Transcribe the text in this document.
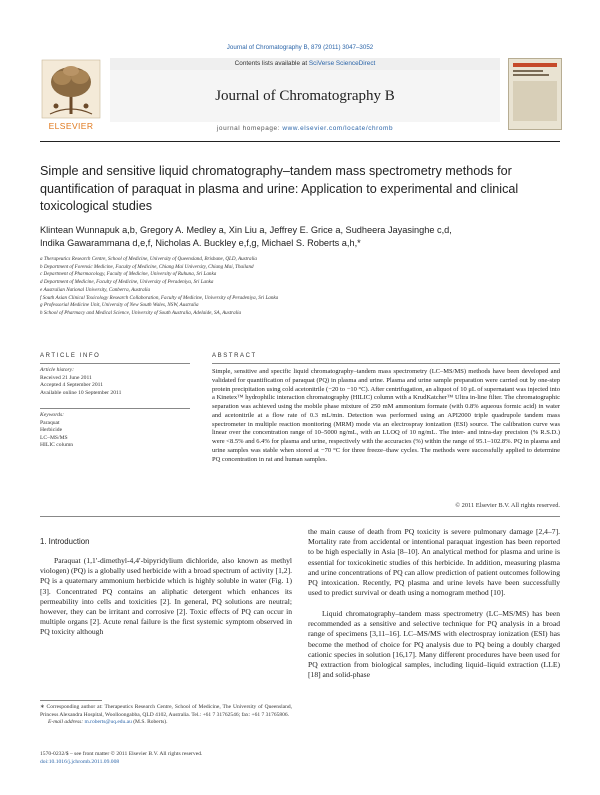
Journal of Chromatography B, 879 (2011) 3047–3052
ELSEVIER
Contents lists available at SciVerse ScienceDirect
Journal of Chromatography B
journal homepage: www.elsevier.com/locate/chromb
Simple and sensitive liquid chromatography–tandem mass spectrometry methods for quantification of paraquat in plasma and urine: Application to experimental and clinical toxicological studies
Klintean Wunnapuk a,b, Gregory A. Medley a, Xin Liu a, Jeffrey E. Grice a, Sudheera Jayasinghe c,d,
Indika Gawarammana d,e,f, Nicholas A. Buckley e,f,g, Michael S. Roberts a,h,*
a Therapeutics Research Centre, School of Medicine, University of Queensland, Brisbane, QLD, Australia
b Department of Forensic Medicine, Faculty of Medicine, Chiang Mai University, Chiang Mai, Thailand
c Department of Pharmacology, Faculty of Medicine, University of Ruhuna, Sri Lanka
d Department of Medicine, Faculty of Medicine, University of Peradeniya, Sri Lanka
e Australian National University, Canberra, Australia
f South Asian Clinical Toxicology Research Collaboration, Faculty of Medicine, University of Peradeniya, Sri Lanka
g Professorial Medicine Unit, University of New South Wales, NSW, Australia
h School of Pharmacy and Medical Science, University of South Australia, Adelaide, SA, Australia
ARTICLE INFO
Article history:
Received 21 June 2011
Accepted 4 September 2011
Available online 10 September 2011
Keywords:
Paraquat
Herbicide
LC–MS/MS
HILIC column
ABSTRACT
Simple, sensitive and specific liquid chromatography–tandem mass spectrometry (LC–MS/MS) methods have been developed and validated for quantification of paraquat (PQ) in plasma and urine. Plasma and urine sample preparation were carried out by one-step protein precipitation using cold acetonitrile (−20 to −10 °C). After centrifugation, an aliquot of 10 μL of supernatant was injected into a Kinetex™ hydrophilic interaction chromatography (HILIC) column with a KrudKatcher™ Ultra in-line filter. The chromatographic separation was achieved using the mobile phase mixture of 250 mM ammonium formate (with 0.8% aqueous formic acid) in water and acetonitrile at a flow rate of 0.3 mL/min. Detection was performed using an API2000 triple quadrupole tandem mass spectrometer in multiple reaction monitoring (MRM) mode via an electrospray ionization (ESI) source. The calibration curve was linear over the concentration range of 10–5000 ng/mL, with an LLOQ of 10 ng/mL. The inter- and intra-day precision (% R.S.D.) were <8.5% and 6.4% for plasma and urine, respectively with the accuracies (%) within the range of 95.1–102.8%. PQ in plasma and urine samples was stable when stored at −70 °C for three freeze–thaw cycles. The methods were successfully applied to determine PQ concentration in rat and human samples.
© 2011 Elsevier B.V. All rights reserved.
1. Introduction
Paraquat (1,1′-dimethyl-4,4′-bipyridylium dichloride, also known as methyl viologen) (PQ) is a globally used herbicide with a broad spectrum of activity [1,2]. PQ is a quaternary ammonium herbicide which is highly soluble in water (Fig. 1) [3]. Concentrated PQ contains an aliphatic detergent which enhances its permeability into cells and toxicities [2]. In general, PQ solutions are neutral; however, they can be irritant and corrosive [2]. Toxic effects of PQ can occur in multiple organs [2]. Acute renal failure is the first systemic symptom observed in PQ toxicity although
the main cause of death from PQ toxicity is severe pulmonary damage [2,4–7]. Mortality rate from accidental or intentional paraquat ingestion has been reported to be high especially in Asia [8–10]. An analytical method for plasma and urine is essential for toxicokinetic studies of this herbicide. In addition, measuring plasma and urine concentrations of PQ can allow prediction of patient outcomes following PQ intoxication. Recently, PQ plasma and urine levels have been successfully used to predict survival or death using a nomogram method [10].
Liquid chromatography–tandem mass spectrometry (LC–MS/MS) has been recommended as a sensitive and selective technique for PQ analysis in a broad range of specimens [3,11–16]. LC–MS/MS with electrospray ionization (ESI) has become the method of choice for PQ analysis due to PQ being a doubly charged cationic species in solution [16,17]. Many different procedures have been used for PQ extraction from biological samples, including liquid–liquid extraction (LLE) [18] and solid-phase
∗ Corresponding author at: Therapeutics Research Centre, School of Medicine, The University of Queensland, Princess Alexandra Hospital, Woolloongabba, QLD 4102, Australia. Tel.: +61 7 31762546; fax: +61 7 31765806.
E-mail address: m.roberts@uq.edu.au (M.S. Roberts).
1570-0232/$ – see front matter © 2011 Elsevier B.V. All rights reserved.
doi:10.1016/j.jchromb.2011.09.008
